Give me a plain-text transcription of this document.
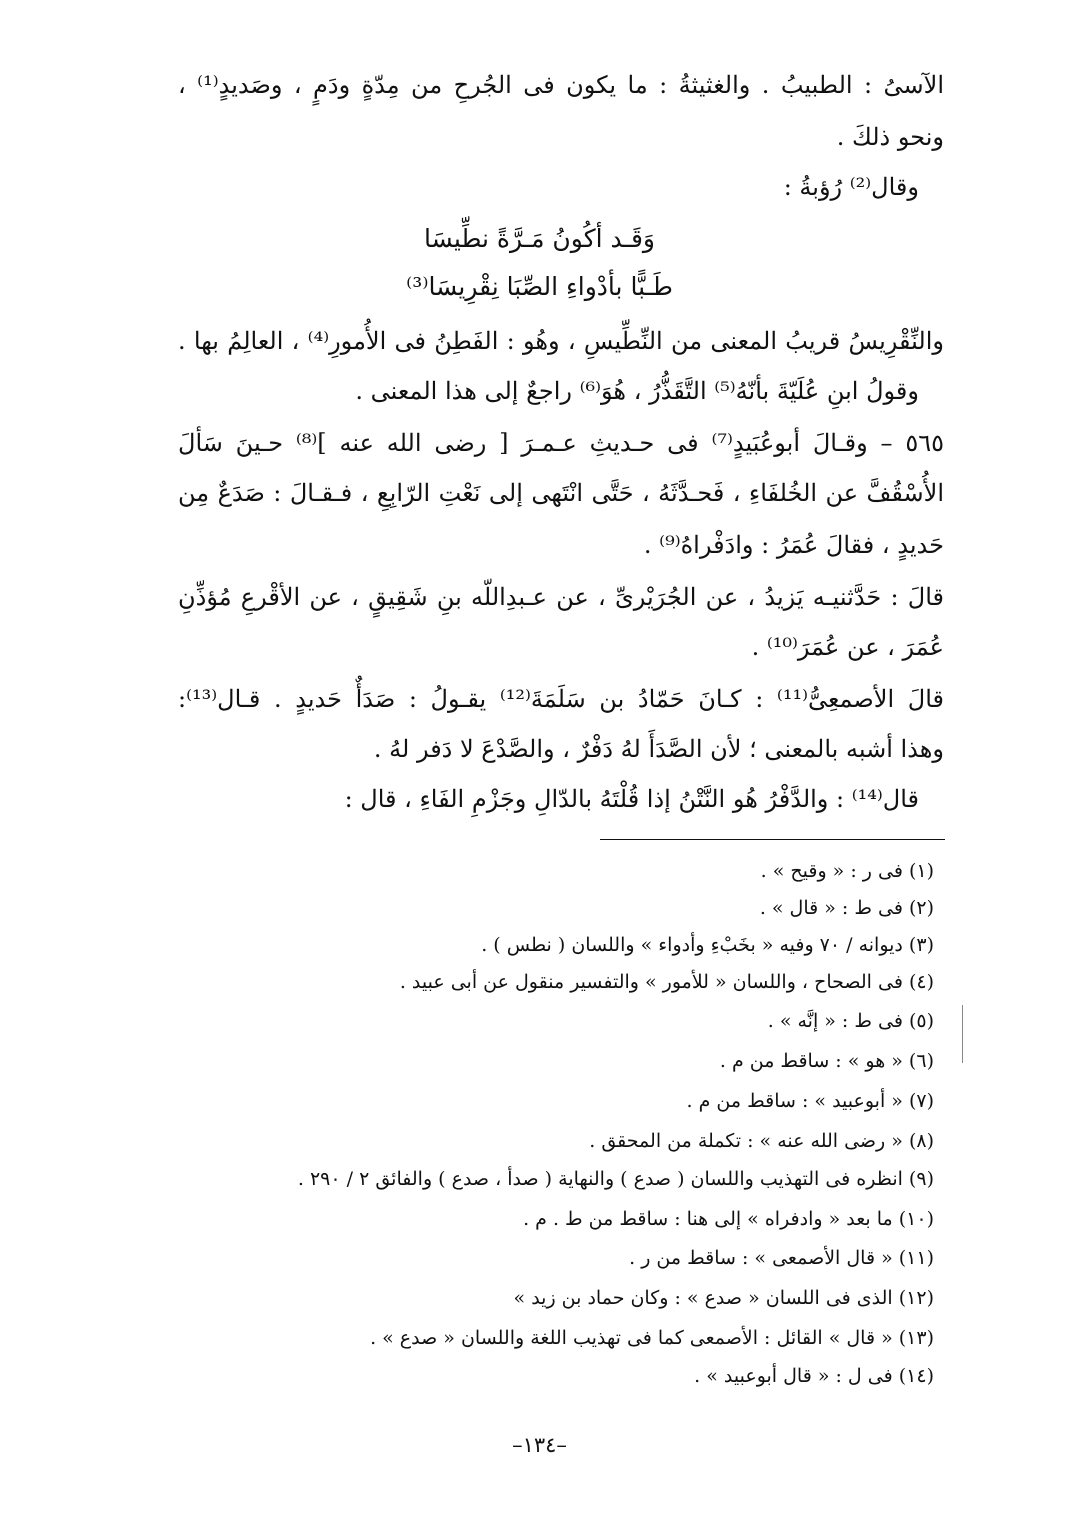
الآسىُ : الطبيبُ . والغثيثةُ : ما يكون فى الجُرحِ من مِدّةٍ ودَمٍ ، وصَديدٍ⁽¹⁾ ،
ونحو ذلكَ .
وقال⁽²⁾ رُؤبةُ :
وَقَـد أكُونُ مَـرَّةً نطِّيسَا
طَـبًّا بأدْواءِ الصِّبَا نِقْرِيسَا⁽³⁾
والنِّقْرِيسُ قريبُ المعنى من النِّطِّيسِ ، وهُو : الفَطِنُ فى الأُمورِ⁽⁴⁾ ، العالِمُ بها .
وقولُ ابنِ عُلَيّةَ بأنّهُ⁽⁵⁾ التَّقَذُّرُ ، هُوَ⁽⁶⁾ راجعٌ إلى هذا المعنى .
٥٦٥ – وقـالَ أبوعُبَيدٍ⁽⁷⁾ فى حـديثِ عـمـرَ [ رضى الله عنه ]⁽⁸⁾ حـينَ سَألَ
الأُسْقُفَّ عن الخُلفَاءِ ، فَحـدَّثَهُ ، حَتَّى انْتَهى إلى نَعْتِ الرّابِعِ ، فـقـالَ : صَدَعٌ مِن
حَديدٍ ، فقالَ عُمَرُ : وادَفْراهُ⁽⁹⁾ .
قالَ : حَدَّثنيـه يَزيدُ ، عن الجُرَيْرىِّ ، عن عـبدِاللّه بنِ شَقِيقٍ ، عن الأقْرعِ مُؤذِّنِ
عُمَرَ ، عن عُمَرَ⁽¹⁰⁾ .
قالَ الأصمعِىُّ⁽¹¹⁾ : كـانَ حَمّادُ بن سَلَمَةَ⁽¹²⁾ يقـولُ : صَدَأٌ حَديدٍ . قـال⁽¹³⁾:
وهذا أشبه بالمعنى ؛ لأن الصَّدَأَ لهُ دَفْرٌ ، والصَّدْعَ لا دَفر لهُ .
قال⁽¹⁴⁾ : والدَّفْرُ هُو النَّتْنُ إذا قُلْتَهُ بالدّالِ وجَزْمِ الفَاءِ ، قال :
(١) فى ر : « وقيح » .
(٢) فى ط : « قال » .
(٣) ديوانه / ٧٠ وفيه « بخَبْءِ وأدواء » واللسان ( نطس ) .
(٤) فى الصحاح ، واللسان « للأمور » والتفسير منقول عن أبى عبيد .
(٥) فى ط : « إنَّه » .
(٦) « هو » : ساقط من م .
(٧) « أبوعبيد » : ساقط من م .
(٨) « رضى الله عنه » : تكملة من المحقق .
(٩) انظره فى التهذيب واللسان ( صدع ) والنهاية ( صدأ ، صدع ) والفائق ٢ / ٢٩٠ .
(١٠) ما بعد « وادفراه » إلى هنا : ساقط من ط . م .
(١١) « قال الأصمعى » : ساقط من ر .
(١٢) الذى فى اللسان « صدع » : وكان حماد بن زيد »
(١٣) « قال » القائل : الأصمعى كما فى تهذيب اللغة واللسان « صدع » .
(١٤) فى ل : « قال أبوعبيد » .
–١٣٤–
